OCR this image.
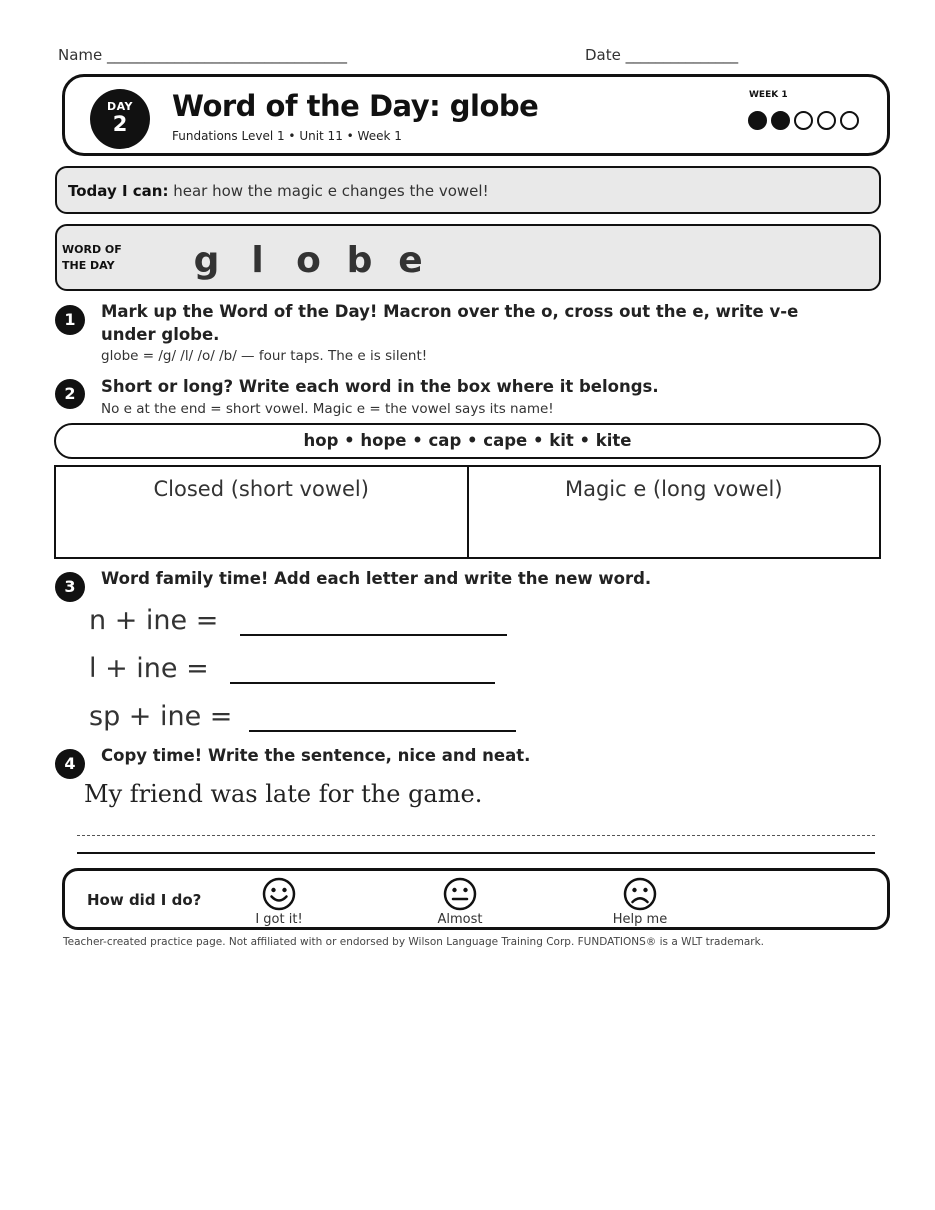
Name ________________________________	Date _______________
DAY
2
Word of the Day: globe
Fundations Level 1 • Unit 11 • Week 1
WEEK 1
Today I can: hear how the magic e changes the vowel!
WORD OF
THE DAY	g l o b e
1	Mark up the Word of the Day! Macron over the o, cross out the e, write v-e under globe.
globe = /g/ /l/ /o/ /b/ — four taps. The e is silent!
2	Short or long? Write each word in the box where it belongs.
No e at the end = short vowel. Magic e = the vowel says its name!
hop • hope • cap • cape • kit • kite
Closed (short vowel)	Magic e (long vowel)
3	Word family time! Add each letter and write the new word.
n + ine =
l + ine =
sp + ine =
4	Copy time! Write the sentence, nice and neat.
My friend was late for the game.
How did I do?
I got it!	Almost	Help me
Teacher-created practice page. Not affiliated with or endorsed by Wilson Language Training Corp. FUNDATIONS® is a WLT trademark.
